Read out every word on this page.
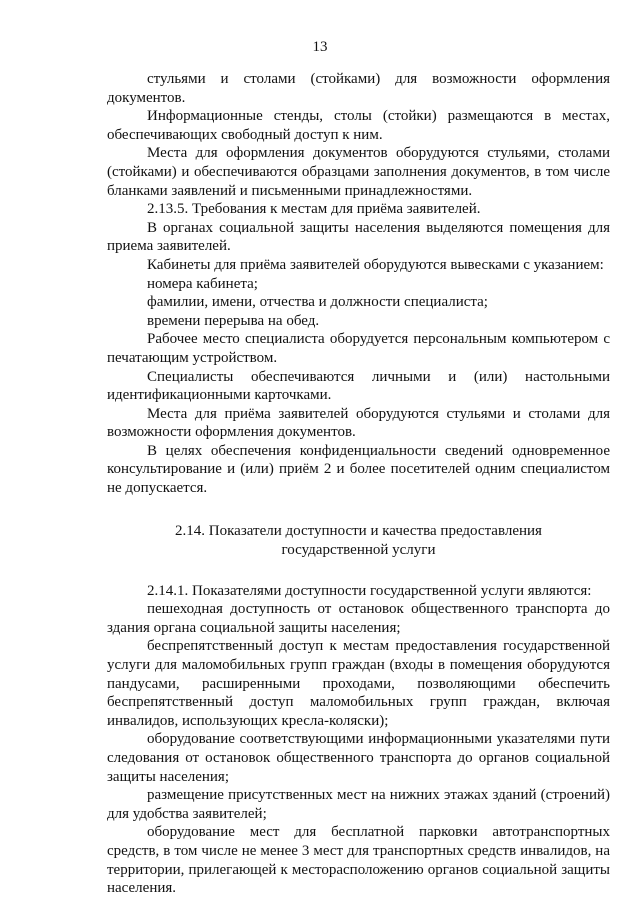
13

стульями и столами (стойками) для возможности оформления документов.

Информационные стенды, столы (стойки) размещаются в местах, обеспечивающих свободный доступ к ним.

Места для оформления документов оборудуются стульями, столами (стойками) и обеспечиваются образцами заполнения документов, в том числе бланками заявлений и письменными принадлежностями.

2.13.5. Требования к местам для приёма заявителей.

В органах социальной защиты населения выделяются помещения для приема заявителей.

Кабинеты для приёма заявителей оборудуются вывесками с указанием:

номера кабинета;

фамилии, имени, отчества и должности специалиста;

времени перерыва на обед.

Рабочее место специалиста оборудуется персональным компьютером с печатающим устройством.

Специалисты обеспечиваются личными и (или) настольными идентификационными карточками.

Места для приёма заявителей оборудуются стульями и столами для возможности оформления документов.

В целях обеспечения конфиденциальности сведений одновременное консультирование и (или) приём 2 и более посетителей одним специалистом не допускается.

2.14. Показатели доступности и качества предоставления
государственной услуги

2.14.1. Показателями доступности государственной услуги являются:

пешеходная доступность от остановок общественного транспорта до здания органа социальной защиты населения;

беспрепятственный доступ к местам предоставления государственной услуги для маломобильных групп граждан (входы в помещения оборудуются пандусами, расширенными проходами, позволяющими обеспечить беспрепятственный доступ маломобильных групп граждан, включая инвалидов, использующих кресла-коляски);

оборудование соответствующими информационными указателями пути следования от остановок общественного транспорта до органов социальной защиты населения;

размещение присутственных мест на нижних этажах зданий (строений) для удобства заявителей;

оборудование мест для бесплатной парковки автотранспортных средств, в том числе не менее 3 мест для транспортных средств инвалидов, на территории, прилегающей к месторасположению органов социальной защиты населения.
